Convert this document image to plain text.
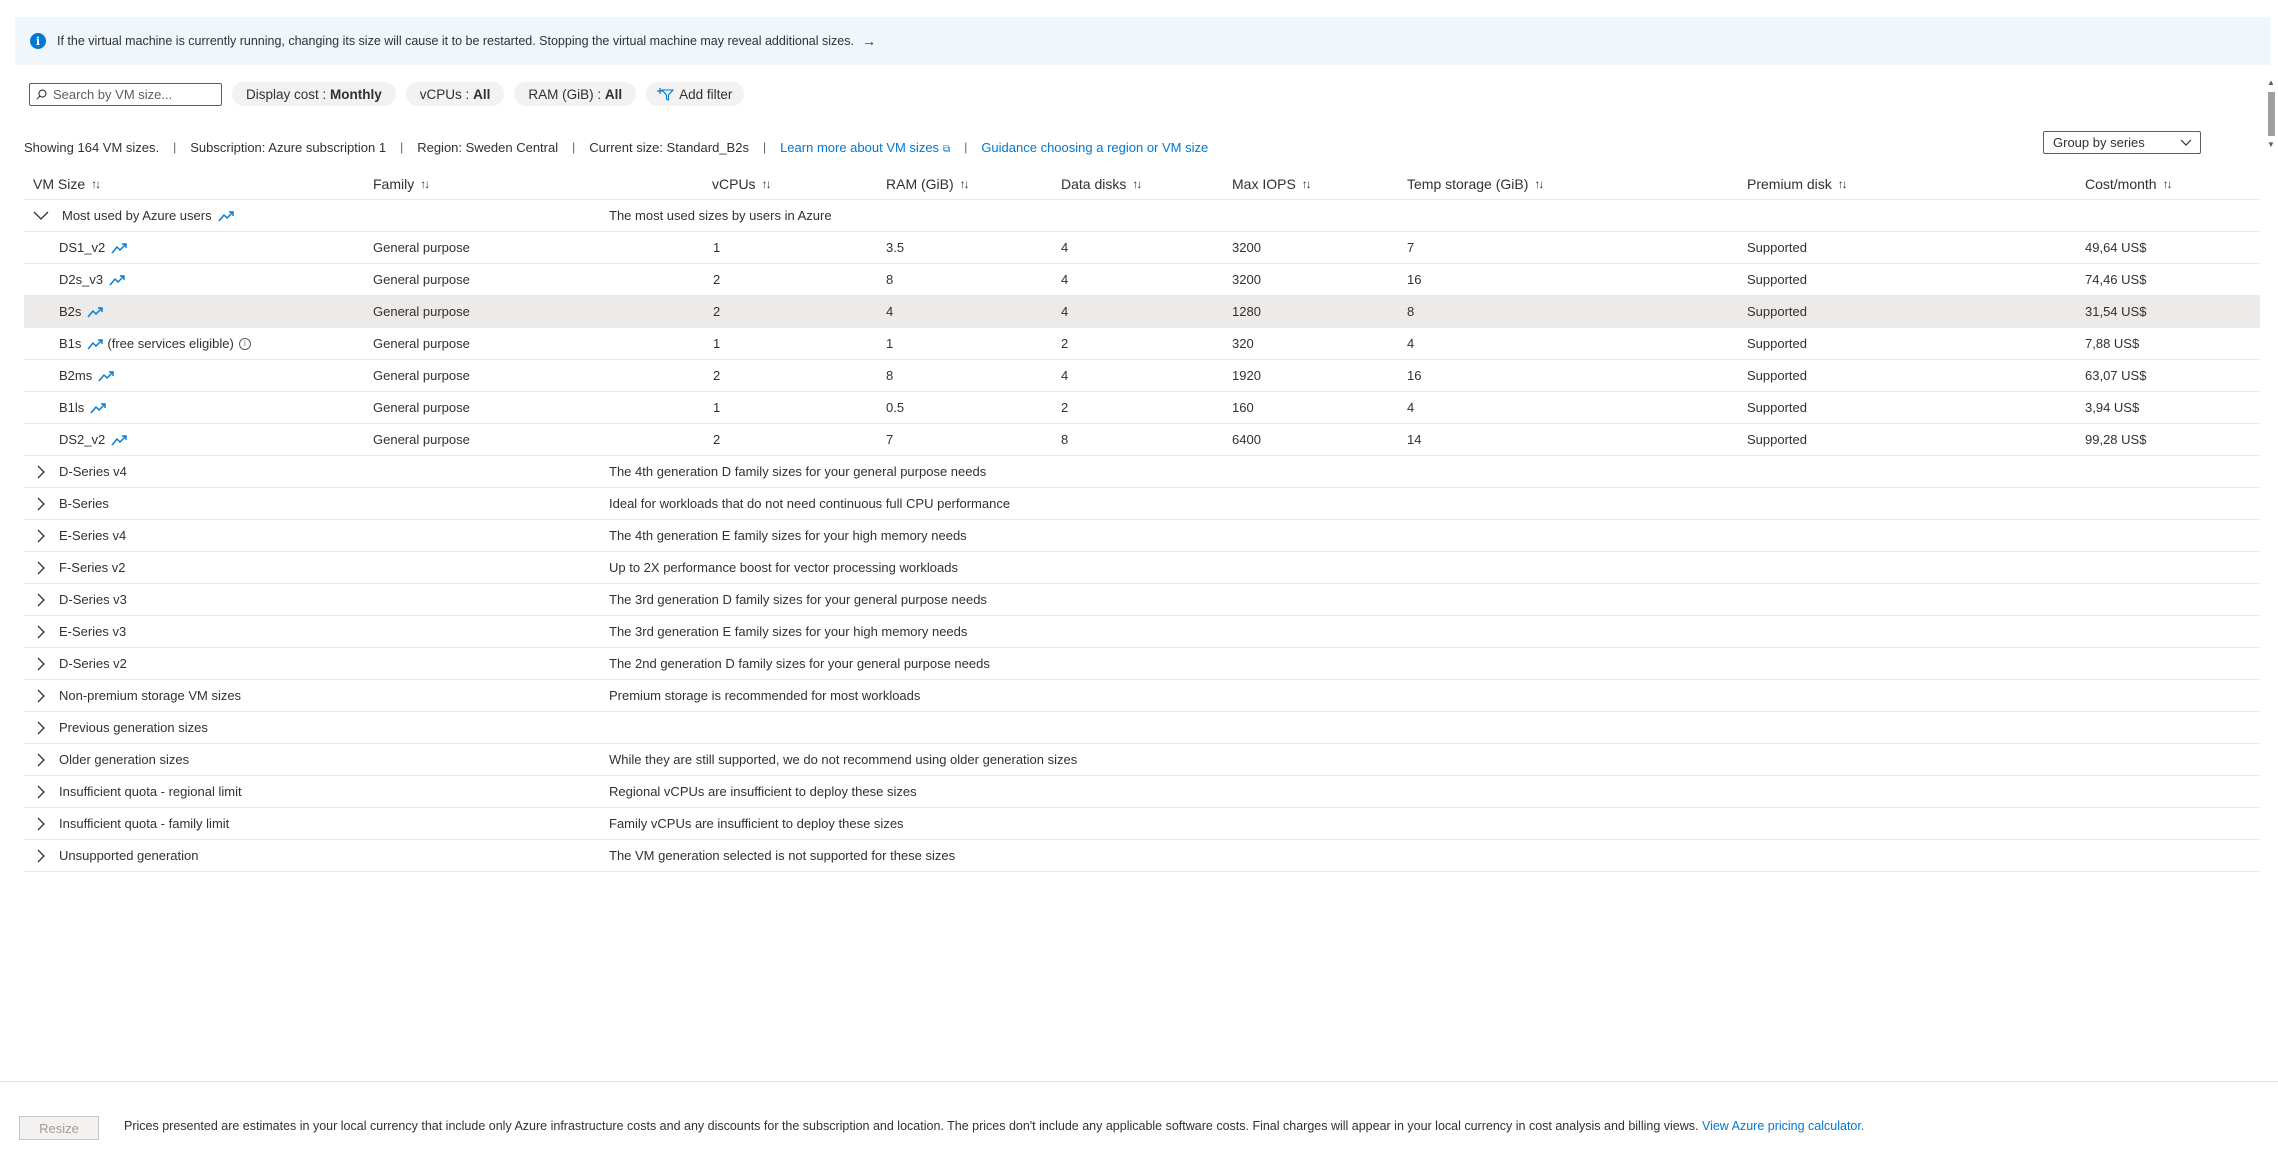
i	If the virtual machine is currently running, changing its size will cause it to be restarted. Stopping the virtual machine may reveal additional sizes. →
Search by VM size...
Display cost :
Monthly	vCPUs :
All	RAM (GiB) :
All	Add filter
Showing 164 VM sizes. | Subscription: Azure subscription 1 | Region: Sweden Central | Current size: Standard_B2s | Learn more about VM sizes ⧉ | Guidance choosing a region or VM size	Group by series
VM Size ↑↓	Family ↑↓	vCPUs ↑↓	RAM (GiB) ↑↓	Data disks ↑↓	Max IOPS ↑↓	Temp storage (GiB) ↑↓	Premium disk ↑↓	Cost/month ↑↓
Most used by Azure users	The most used sizes by users in Azure
DS1_v2	General purpose	1	3.5	4	3200	7	Supported	49,64 US$
D2s_v3	General purpose	2	8	4	3200	16	Supported	74,46 US$
B2s	General purpose	2	4	4	1280	8	Supported	31,54 US$
B1s (free services eligible)	i	General purpose	1	1	2	320	4	Supported	7,88 US$
B2ms	General purpose	2	8	4	1920	16	Supported	63,07 US$
B1ls	General purpose	1	0.5	2	160	4	Supported	3,94 US$
DS2_v2	General purpose	2	7	8	6400	14	Supported	99,28 US$
D-Series v4	The 4th generation D family sizes for your general purpose needs
B-Series	Ideal for workloads that do not need continuous full CPU performance
E-Series v4	The 4th generation E family sizes for your high memory needs
F-Series v2	Up to 2X performance boost for vector processing workloads
D-Series v3	The 3rd generation D family sizes for your general purpose needs
E-Series v3	The 3rd generation E family sizes for your high memory needs
D-Series v2	The 2nd generation D family sizes for your general purpose needs
Non-premium storage VM sizes	Premium storage is recommended for most workloads
Previous generation sizes
Older generation sizes	While they are still supported, we do not recommend using older generation sizes
Insufficient quota - regional limit	Regional vCPUs are insufficient to deploy these sizes
Insufficient quota - family limit	Family vCPUs are insufficient to deploy these sizes
Unsupported generation	The VM generation selected is not supported for these sizes
▲
▼
Resize	Prices presented are estimates in your local currency that include only Azure infrastructure costs and any discounts for the subscription and location. The prices don't include any applicable software costs. Final charges will appear in your local currency in cost analysis and billing views. View Azure pricing calculator.
